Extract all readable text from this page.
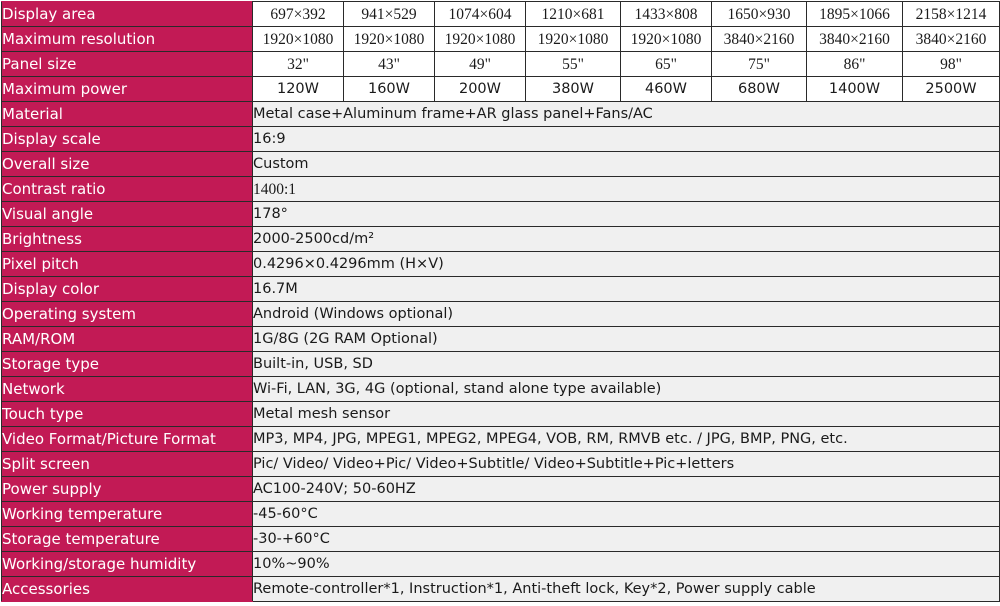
Display area	697×392	941×529	1074×604	1210×681	1433×808	1650×930	1895×1066	2158×1214
Maximum resolution	1920×1080	1920×1080	1920×1080	1920×1080	1920×1080	3840×2160	3840×2160	3840×2160
Panel size	32"	43"	49"	55"	65"	75"	86"	98"
Maximum power	120W	160W	200W	380W	460W	680W	1400W	2500W
Material	Metal case+Aluminum frame+AR glass panel+Fans/AC							
Display scale	16:9							
Overall size	Custom							
Contrast ratio	1400:1							
Visual angle	178°							
Brightness	2000-2500cd/m²							
Pixel pitch	0.4296×0.4296mm (H×V)							
Display color	16.7M							
Operating system	Android (Windows optional)							
RAM/ROM	1G/8G (2G RAM Optional)							
Storage type	Built-in, USB, SD							
Network	Wi-Fi, LAN, 3G, 4G (optional, stand alone type available)							
Touch type	Metal mesh sensor							
Video Format/Picture Format	MP3, MP4, JPG, MPEG1, MPEG2, MPEG4, VOB, RM, RMVB etc. / JPG, BMP, PNG, etc.							
Split screen	Pic/ Video/ Video+Pic/ Video+Subtitle/ Video+Subtitle+Pic+letters							
Power supply	AC100-240V; 50-60HZ							
Working temperature	-45-60°C							
Storage temperature	-30-+60°C							
Working/storage humidity	10%~90%							
Accessories	Remote-controller*1, Instruction*1, Anti-theft lock, Key*2, Power supply cable							
